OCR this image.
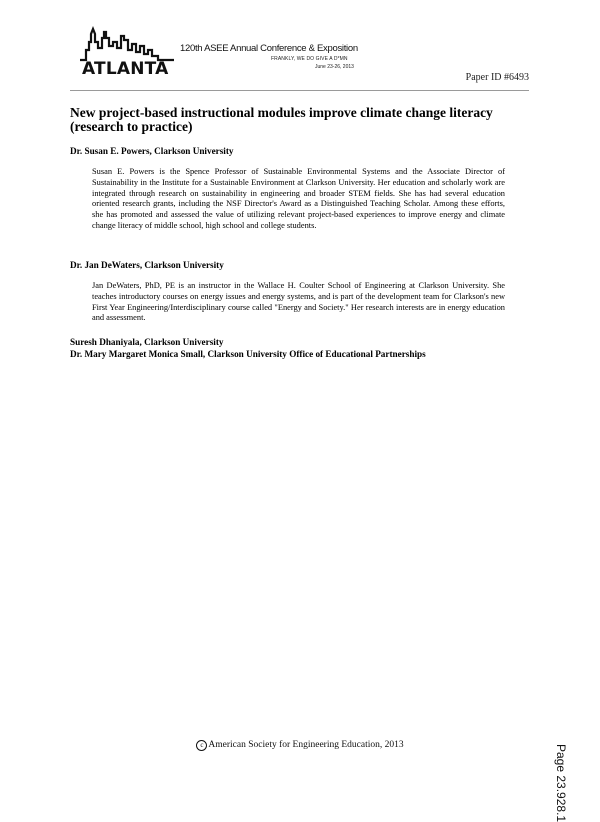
ATLANTA
120th ASEE Annual Conference & Exposition
FRANKLY, WE DO GIVE A D*MN
June 23-26, 2013
Paper ID #6493
New project-based instructional modules improve climate change literacy (research to practice)
Dr. Susan E. Powers, Clarkson University
Susan E. Powers is the Spence Professor of Sustainable Environmental Systems and the Associate Director of Sustainability in the Institute for a Sustainable Environment at Clarkson University. Her education and scholarly work are integrated through research on sustainability in engineering and broader STEM fields. She has had several education oriented research grants, including the NSF Director's Award as a Distinguished Teaching Scholar. Among these efforts, she has promoted and assessed the value of utilizing relevant project-based experiences to improve energy and climate change literacy of middle school, high school and college students.
Dr. Jan DeWaters, Clarkson University
Jan DeWaters, PhD, PE is an instructor in the Wallace H. Coulter School of Engineering at Clarkson University. She teaches introductory courses on energy issues and energy systems, and is part of the development team for Clarkson's new First Year Engineering/Interdisciplinary course called "Energy and Society." Her research interests are in energy education and assessment.
Suresh Dhaniyala, Clarkson University
Dr. Mary Margaret Monica Small, Clarkson University Office of Educational Partnerships
Page 23.928.1
c American Society for Engineering Education, 2013
